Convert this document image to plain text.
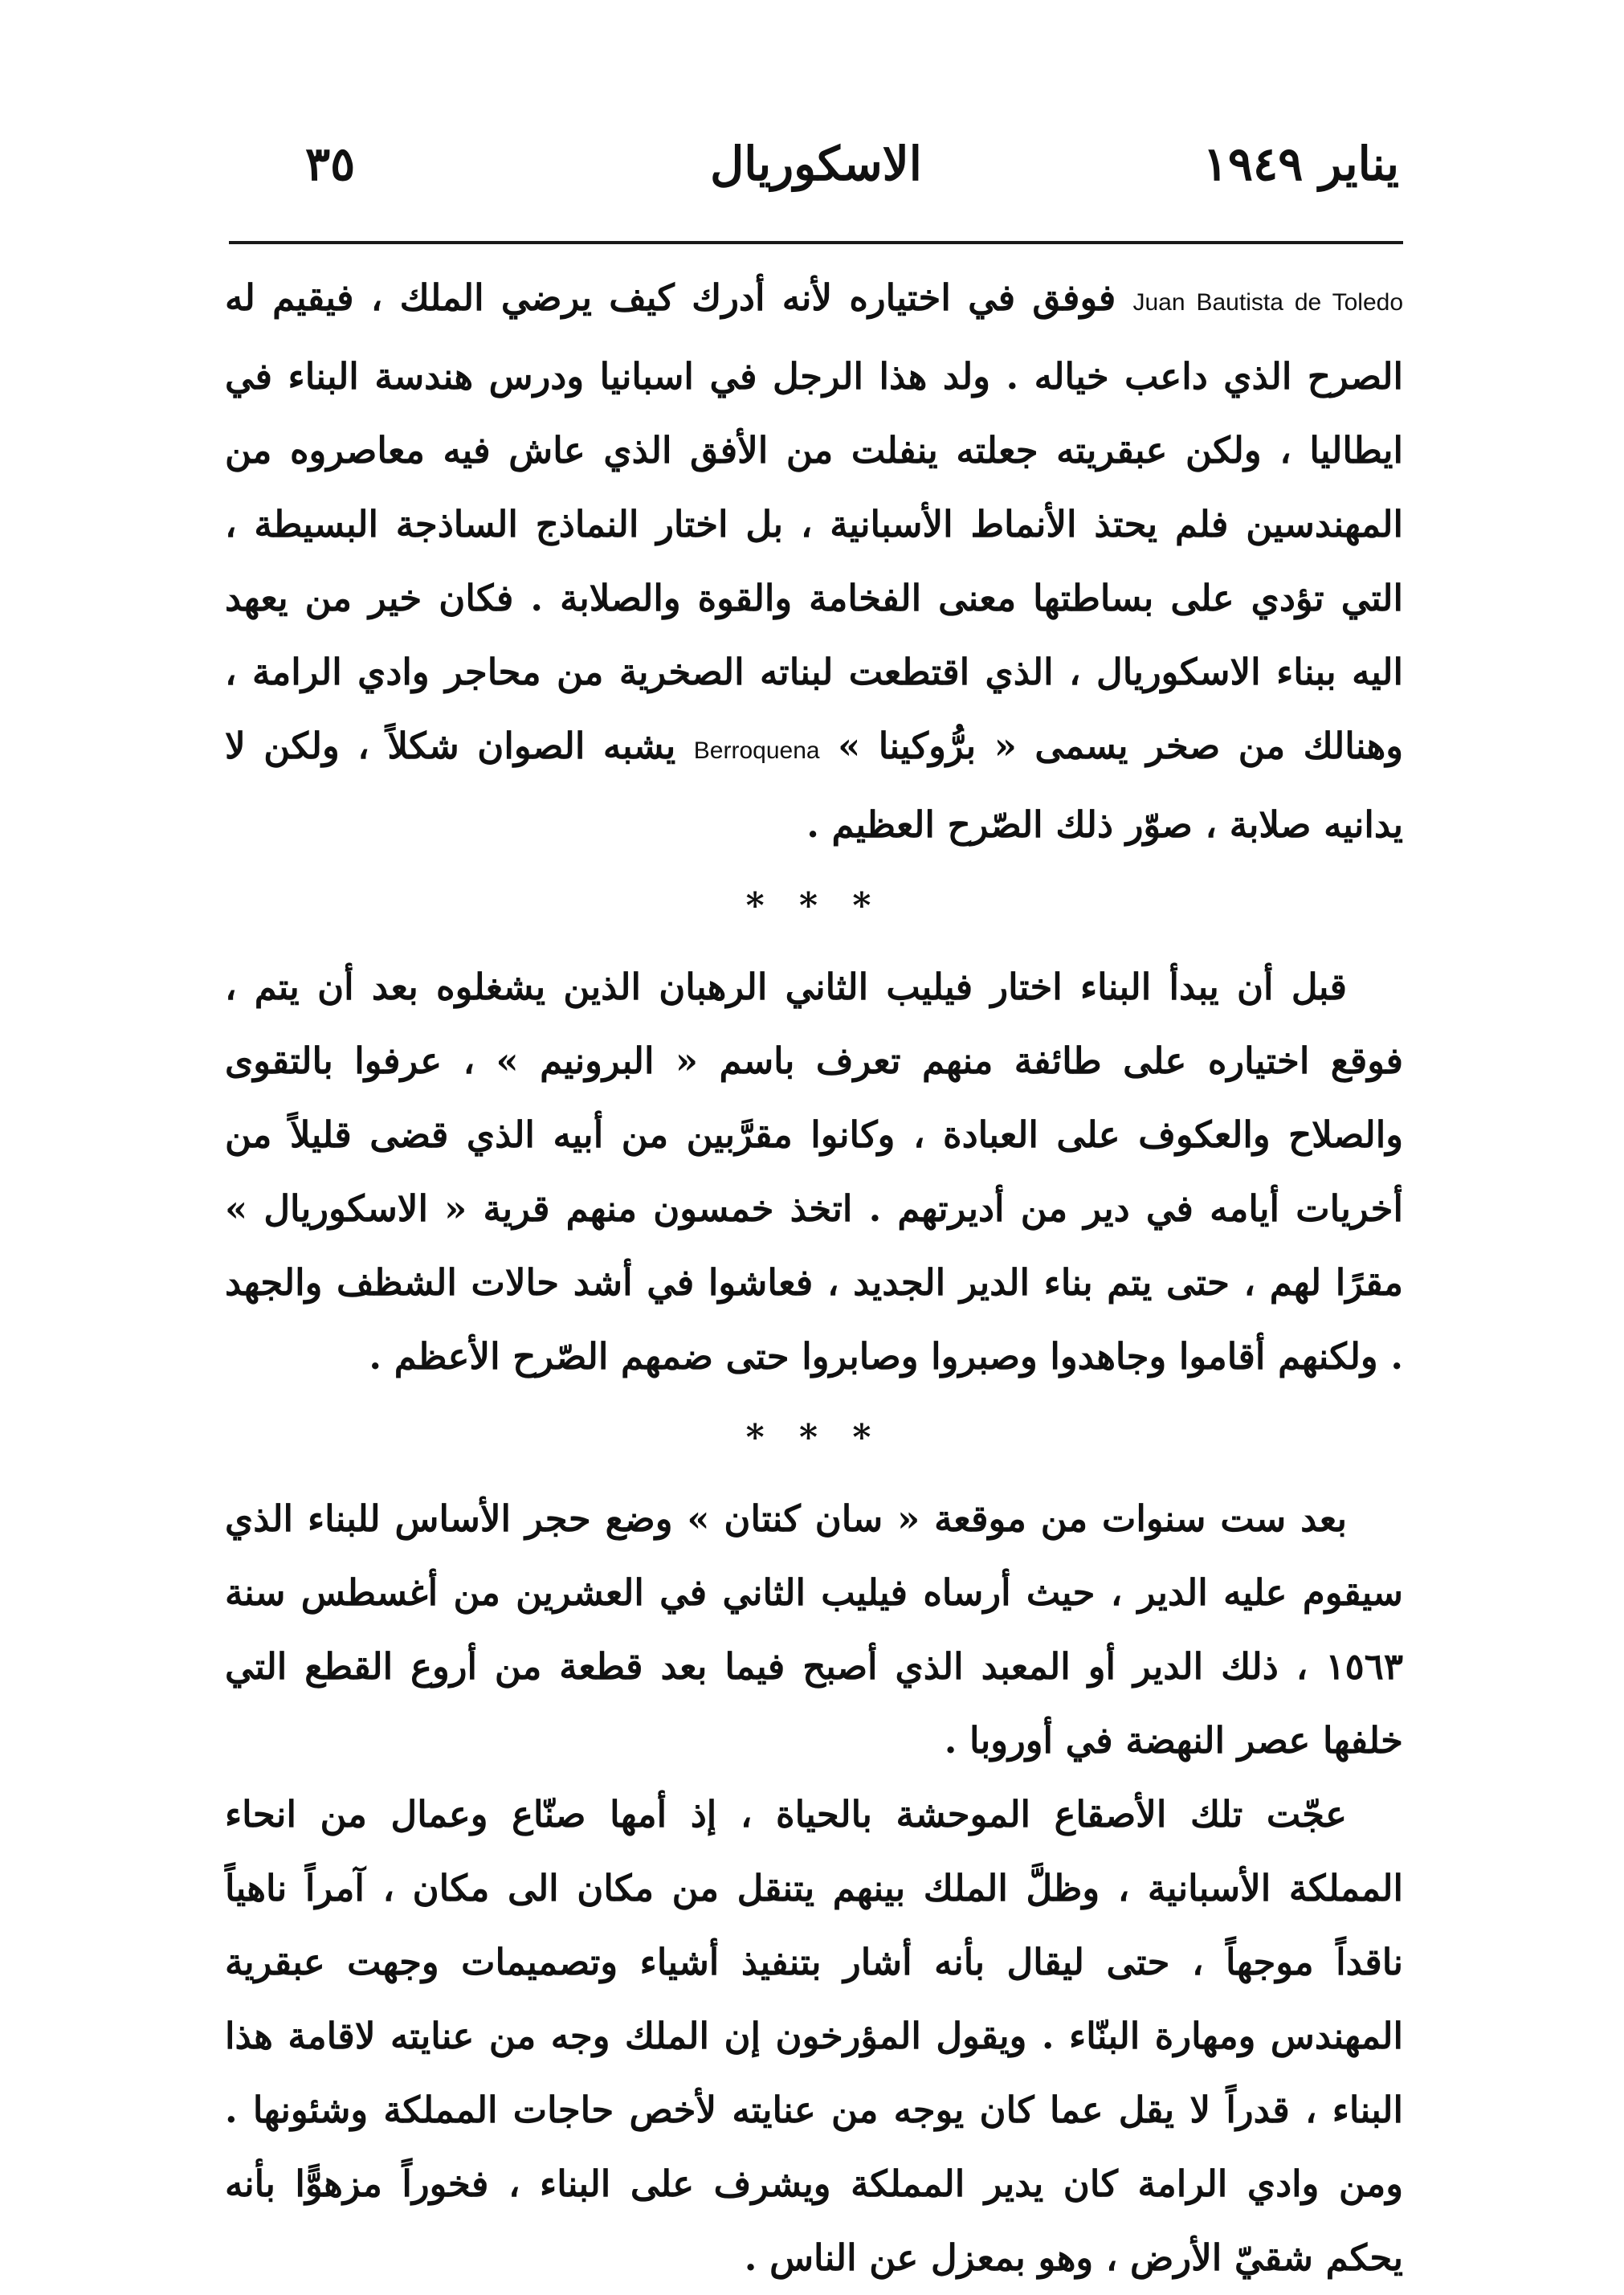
يناير ١٩٤٩
الاسكوريال
٣٥

Juan Bautista de Toledo فوفق في اختياره لأنه أدرك كيف يرضي الملك ، فيقيم له الصرح الذي داعب خياله . ولد هذا الرجل في اسبانيا ودرس هندسة البناء في ايطاليا ، ولكن عبقريته جعلته ينفلت من الأفق الذي عاش فيه معاصروه من المهندسين فلم يحتذ الأنماط الأسبانية ، بل اختار النماذج الساذجة البسيطة ، التي تؤدي على بساطتها معنى الفخامة والقوة والصلابة . فكان خير من يعهد اليه ببناء الاسكوريال ، الذي اقتطعت لبناته الصخرية من محاجر وادي الرامة ، وهنالك من صخر يسمى « برُّوكينا » Berroquena يشبه الصوان شكلاً ، ولكن لا يدانيه صلابة ، صوّر ذلك الصّرح العظيم .

* * *

قبل أن يبدأ البناء اختار فيليب الثاني الرهبان الذين يشغلوه بعد أن يتم ، فوقع اختياره على طائفة منهم تعرف باسم « البرونيم » ، عرفوا بالتقوى والصلاح والعكوف على العبادة ، وكانوا مقرَّبين من أبيه الذي قضى قليلاً من أخريات أيامه في دير من أديرتهم . اتخذ خمسون منهم قرية « الاسكوريال » مقرًا لهم ، حتى يتم بناء الدير الجديد ، فعاشوا في أشد حالات الشظف والجهد . ولكنهم أقاموا وجاهدوا وصبروا وصابروا حتى ضمهم الصّرح الأعظم .

* * *

بعد ست سنوات من موقعة « سان كنتان » وضع حجر الأساس للبناء الذي سيقوم عليه الدير ، حيث أرساه فيليب الثاني في العشرين من أغسطس سنة ١٥٦٣ ، ذلك الدير أو المعبد الذي أصبح فيما بعد قطعة من أروع القطع التي خلفها عصر النهضة في أوروبا .

عجّت تلك الأصقاع الموحشة بالحياة ، إذ أمها صنّاع وعمال من انحاء المملكة الأسبانية ، وظلَّ الملك بينهم يتنقل من مكان الى مكان ، آمراً ناهياً ناقداً موجهاً ، حتى ليقال بأنه أشار بتنفيذ أشياء وتصميمات وجهت عبقرية المهندس ومهارة البنّاء . ويقول المؤرخون إن الملك وجه من عنايته لاقامة هذا البناء ، قدراً لا يقل عما كان يوجه من عنايته لأخص حاجات المملكة وشئونها . ومن وادي الرامة كان يدير المملكة ويشرف على البناء ، فخوراً مزهوًّا بأنه يحكم شقيّ الأرض ، وهو بمعزل عن الناس .
